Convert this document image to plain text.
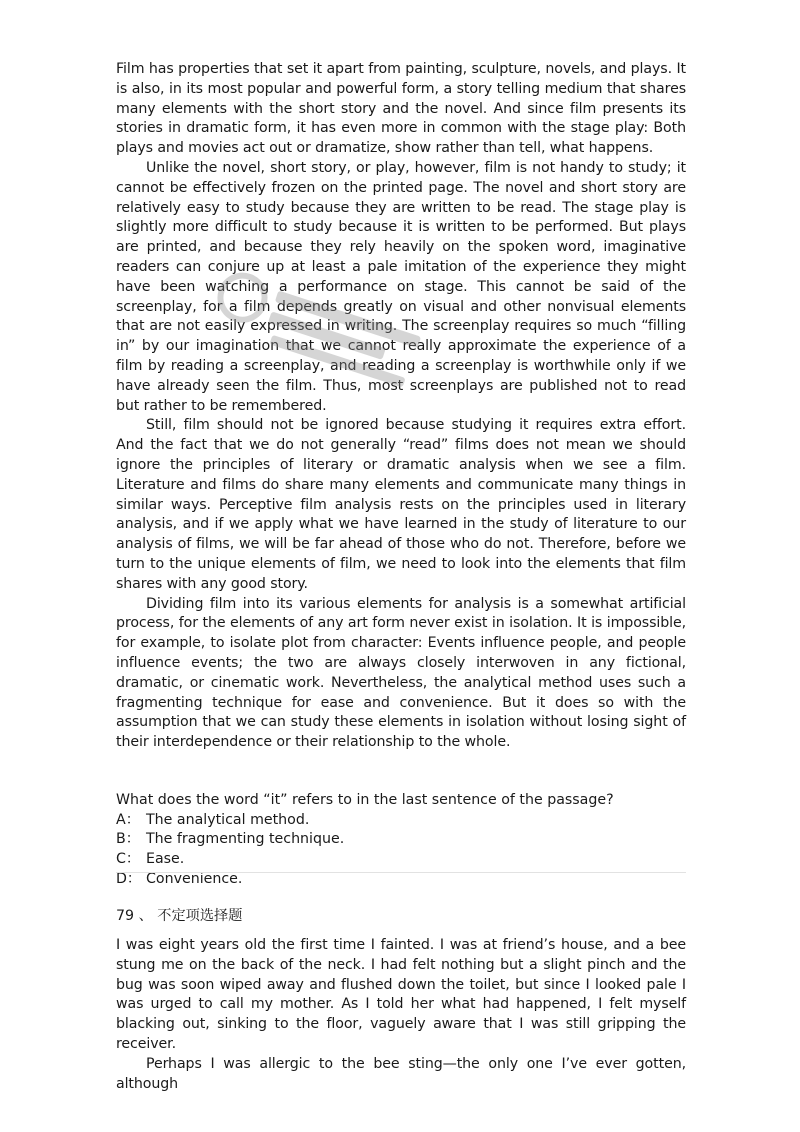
Film has properties that set it apart from painting, sculpture, novels, and plays. It is also, in its most popular and powerful form, a story telling medium that shares many elements with the short story and the novel. And since film presents its stories in dramatic form, it has even more in common with the stage play: Both plays and movies act out or dramatize, show rather than tell, what happens.

Unlike the novel, short story, or play, however, film is not handy to study; it cannot be effectively frozen on the printed page. The novel and short story are relatively easy to study because they are written to be read. The stage play is slightly more difficult to study because it is written to be performed. But plays are printed, and because they rely heavily on the spoken word, imaginative readers can conjure up at least a pale imitation of the experience they might have been watching a performance on stage. This cannot be said of the screenplay, for a film depends greatly on visual and other nonvisual elements that are not easily expressed in writing. The screenplay requires so much “filling in” by our imagination that we cannot really approximate the experience of a film by reading a screenplay, and reading a screenplay is worthwhile only if we have already seen the film. Thus, most screenplays are published not to read but rather to be remembered.

Still, film should not be ignored because studying it requires extra effort. And the fact that we do not generally “read” films does not mean we should ignore the principles of literary or dramatic analysis when we see a film. Literature and films do share many elements and communicate many things in similar ways. Perceptive film analysis rests on the principles used in literary analysis, and if we apply what we have learned in the study of literature to our analysis of films, we will be far ahead of those who do not. Therefore, before we turn to the unique elements of film, we need to look into the elements that film shares with any good story.

Dividing film into its various elements for analysis is a somewhat artificial process, for the elements of any art form never exist in isolation. It is impossible, for example, to isolate plot from character: Events influence people, and people influence events; the two are always closely interwoven in any fictional, dramatic, or cinematic work. Nevertheless, the analytical method uses such a fragmenting technique for ease and convenience. But it does so with the assumption that we can study these elements in isolation without losing sight of their interdependence or their relationship to the whole.

What does the word “it” refers to in the last sentence of the passage?
A： The analytical method.
B： The fragmenting technique.
C： Ease.
D： Convenience.
79 、 不定项选择题

I was eight years old the first time I fainted. I was at friend’s house, and a bee stung me on the back of the neck. I had felt nothing but a slight pinch and the bug was soon wiped away and flushed down the toilet, but since I looked pale I was urged to call my mother. As I told her what had happened, I felt myself blacking out, sinking to the floor, vaguely aware that I was still gripping the receiver.

Perhaps I was allergic to the bee sting—the only one I’ve ever gotten, although
